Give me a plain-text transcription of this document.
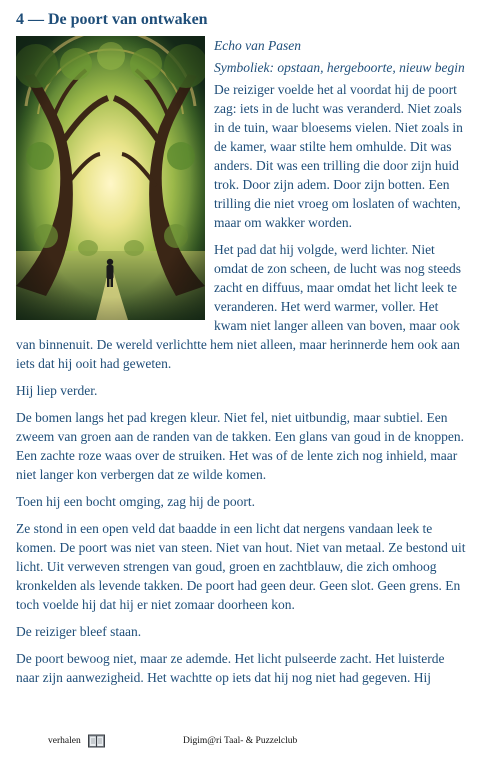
4 — De poort van ontwaken

Echo van Pasen

Symboliek: opstaan, hergeboorte, nieuw begin

De reiziger voelde het al voordat hij de poort zag: iets in de lucht was veranderd. Niet zoals in de tuin, waar bloesems vielen. Niet zoals in de kamer, waar stilte hem omhulde. Dit was anders. Dit was een trilling die door zijn huid trok. Door zijn adem. Door zijn botten. Een trilling die niet vroeg om loslaten of wachten, maar om wakker worden.

Het pad dat hij volgde, werd lichter. Niet omdat de zon scheen, de lucht was nog steeds zacht en diffuus, maar omdat het licht leek te veranderen. Het werd warmer, voller. Het kwam niet langer alleen van boven, maar ook van binnenuit. De wereld verlichtte hem niet alleen, maar herinnerde hem ook aan iets dat hij ooit had geweten.

Hij liep verder.

De bomen langs het pad kregen kleur. Niet fel, niet uitbundig, maar subtiel. Een zweem van groen aan de randen van de takken. Een glans van goud in de knoppen. Een zachte roze waas over de struiken. Het was of de lente zich nog inhield, maar niet langer kon verbergen dat ze wilde komen.

Toen hij een bocht omging, zag hij de poort.

Ze stond in een open veld dat baadde in een licht dat nergens vandaan leek te komen. De poort was niet van steen. Niet van hout. Niet van metaal. Ze bestond uit licht. Uit verweven strengen van goud, groen en zachtblauw, die zich omhoog kronkelden als levende takken. De poort had geen deur. Geen slot. Geen grens. En toch voelde hij dat hij er niet zomaar doorheen kon.

De reiziger bleef staan.

De poort bewoog niet, maar ze ademde. Het licht pulseerde zacht. Het luisterde naar zijn aanwezigheid. Het wachtte op iets dat hij nog niet had gegeven. Hij

verhalen	Digim@ri Taal- & Puzzelclub
